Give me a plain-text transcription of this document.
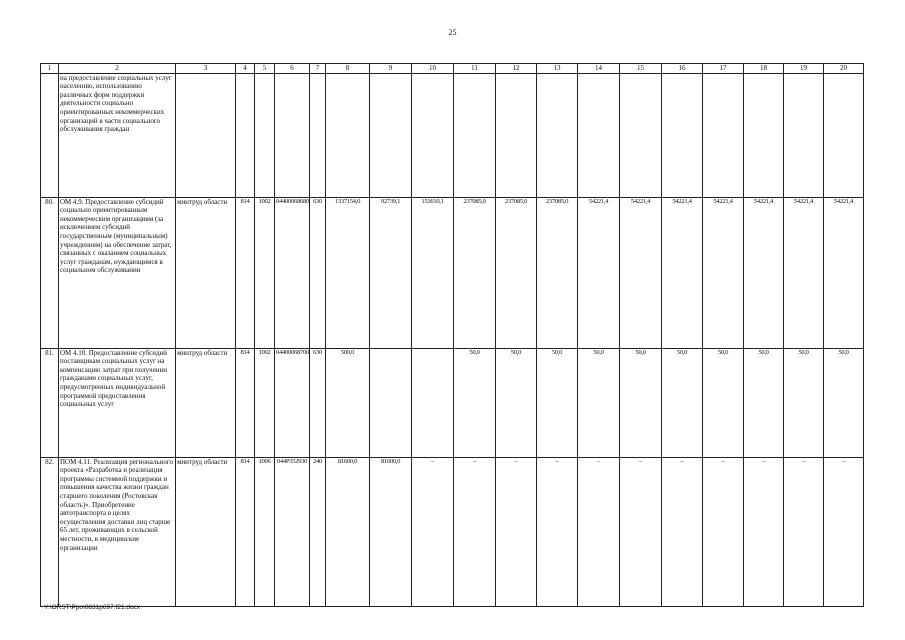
25
1	2	3	4	5	6	7	8	9	10	11	12	13	14	15	16	17	18	19	20
	на предоставление социальных услуг населению, использованию различных форм поддержки деятельности социально ориентированных некоммерческих организаций в части социального обслуживания граждан																		
80.	ОМ 4.9. Предоставление субсидий социально ориентированным некоммерческим организациям (за исключением субсидий государственным (муниципальным) учреждениям) на обеспечение затрат, связанных с оказанием социальных услуг гражданам, нуждающимся в социальном обслуживании	минтруд области	814	1002	04400068680	630	1337154,0	92739,1	153610,1	237085,0	237085,0	237085,0	54221,4	54221,4	54221,4	54221,4	54221,4	54221,4	54221,4
81.	ОМ 4.10. Предоставление субсидий поставщикам социальных услуг на компенсацию затрат при получении гражданами социальных услуг, предусмотренных индивидуальной программой предоставления социальных услуг	минтруд области	814	1002	04400068700	630	500,0			50,0	50,0	50,0	50,0	50,0	50,0	50,0	50,0	50,0	50,0
82.	ПОМ 4.11. Реализация регионального проекта «Разработка и реализация программы системной поддержки и повышения качества жизни граждан старшего поколения (Ростовская область)». Приобретение автотранспорта в целях осуществления доставки лиц старше 65 лет, проживающих в сельской местности, в медицинские организации	минтруд области	814	1006	044P352930	240	81600,0	81600,0	–	–	–	–	–	–	–	–	–	–	–
Y:\ORST\Ppo\0831p697.f21.docx
